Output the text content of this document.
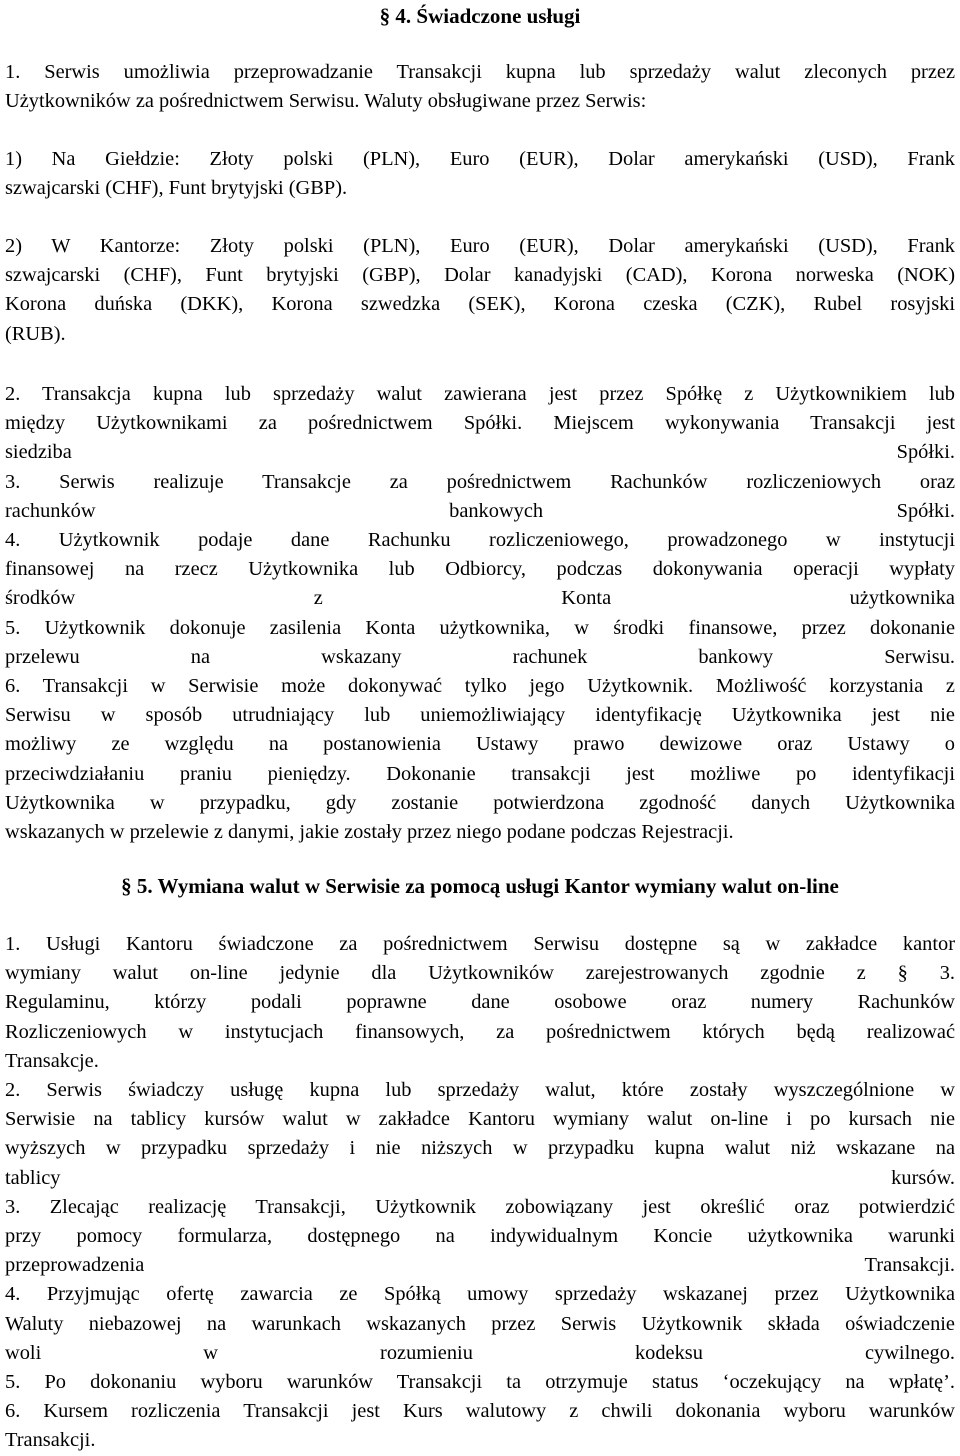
§ 4. Świadczone usługi
1. Serwis umożliwia przeprowadzanie Transakcji kupna lub sprzedaży walut zleconych przez
Użytkowników za pośrednictwem Serwisu. Waluty obsługiwane przez Serwis:
1) Na Giełdzie: Złoty polski (PLN), Euro (EUR), Dolar amerykański (USD), Frank
szwajcarski (CHF), Funt brytyjski (GBP).
2) W Kantorze: Złoty polski (PLN), Euro (EUR), Dolar amerykański (USD), Frank
szwajcarski (CHF), Funt brytyjski (GBP), Dolar kanadyjski (CAD), Korona norweska (NOK)
Korona duńska (DKK), Korona szwedzka (SEK), Korona czeska (CZK), Rubel rosyjski
(RUB).
2. Transakcja kupna lub sprzedaży walut zawierana jest przez Spółkę z Użytkownikiem lub
między Użytkownikami za pośrednictwem Spółki. Miejscem wykonywania Transakcji jest
siedziba Spółki.
3. Serwis realizuje Transakcje za pośrednictwem Rachunków rozliczeniowych oraz
rachunków bankowych Spółki.
4. Użytkownik podaje dane Rachunku rozliczeniowego, prowadzonego w instytucji
finansowej na rzecz Użytkownika lub Odbiorcy, podczas dokonywania operacji wypłaty
środków z Konta użytkownika
5. Użytkownik dokonuje zasilenia Konta użytkownika, w środki finansowe, przez dokonanie
przelewu na wskazany rachunek bankowy Serwisu.
6. Transakcji w Serwisie może dokonywać tylko jego Użytkownik. Możliwość korzystania z
Serwisu w sposób utrudniający lub uniemożliwiający identyfikację Użytkownika jest nie
możliwy ze względu na postanowienia Ustawy prawo dewizowe oraz Ustawy o
przeciwdziałaniu praniu pieniędzy. Dokonanie transakcji jest możliwe po identyfikacji
Użytkownika w przypadku, gdy zostanie potwierdzona zgodność danych Użytkownika
wskazanych w przelewie z danymi, jakie zostały przez niego podane podczas Rejestracji.
§ 5. Wymiana walut w Serwisie za pomocą usługi Kantor wymiany walut on-line
1. Usługi Kantoru świadczone za pośrednictwem Serwisu dostępne są w zakładce kantor
wymiany walut on-line jedynie dla Użytkowników zarejestrowanych zgodnie z § 3.
Regulaminu, którzy podali poprawne dane osobowe oraz numery Rachunków
Rozliczeniowych w instytucjach finansowych, za pośrednictwem których będą realizować
Transakcje.
2. Serwis świadczy usługę kupna lub sprzedaży walut, które zostały wyszczególnione w
Serwisie na tablicy kursów walut w zakładce Kantoru wymiany walut on-line i po kursach nie
wyższych w przypadku sprzedaży i nie niższych w przypadku kupna walut niż wskazane na
tablicy kursów.
3. Zlecając realizację Transakcji, Użytkownik zobowiązany jest określić oraz potwierdzić
przy pomocy formularza, dostępnego na indywidualnym Koncie użytkownika warunki
przeprowadzenia Transakcji.
4. Przyjmując ofertę zawarcia ze Spółką umowy sprzedaży wskazanej przez Użytkownika
Waluty niebazowej na warunkach wskazanych przez Serwis Użytkownik składa oświadczenie
woli w rozumieniu kodeksu cywilnego.
5. Po dokonaniu wyboru warunków Transakcji ta otrzymuje status ‘oczekujący na wpłatę’.
6. Kursem rozliczenia Transakcji jest Kurs walutowy z chwili dokonania wyboru warunków
Transakcji.
